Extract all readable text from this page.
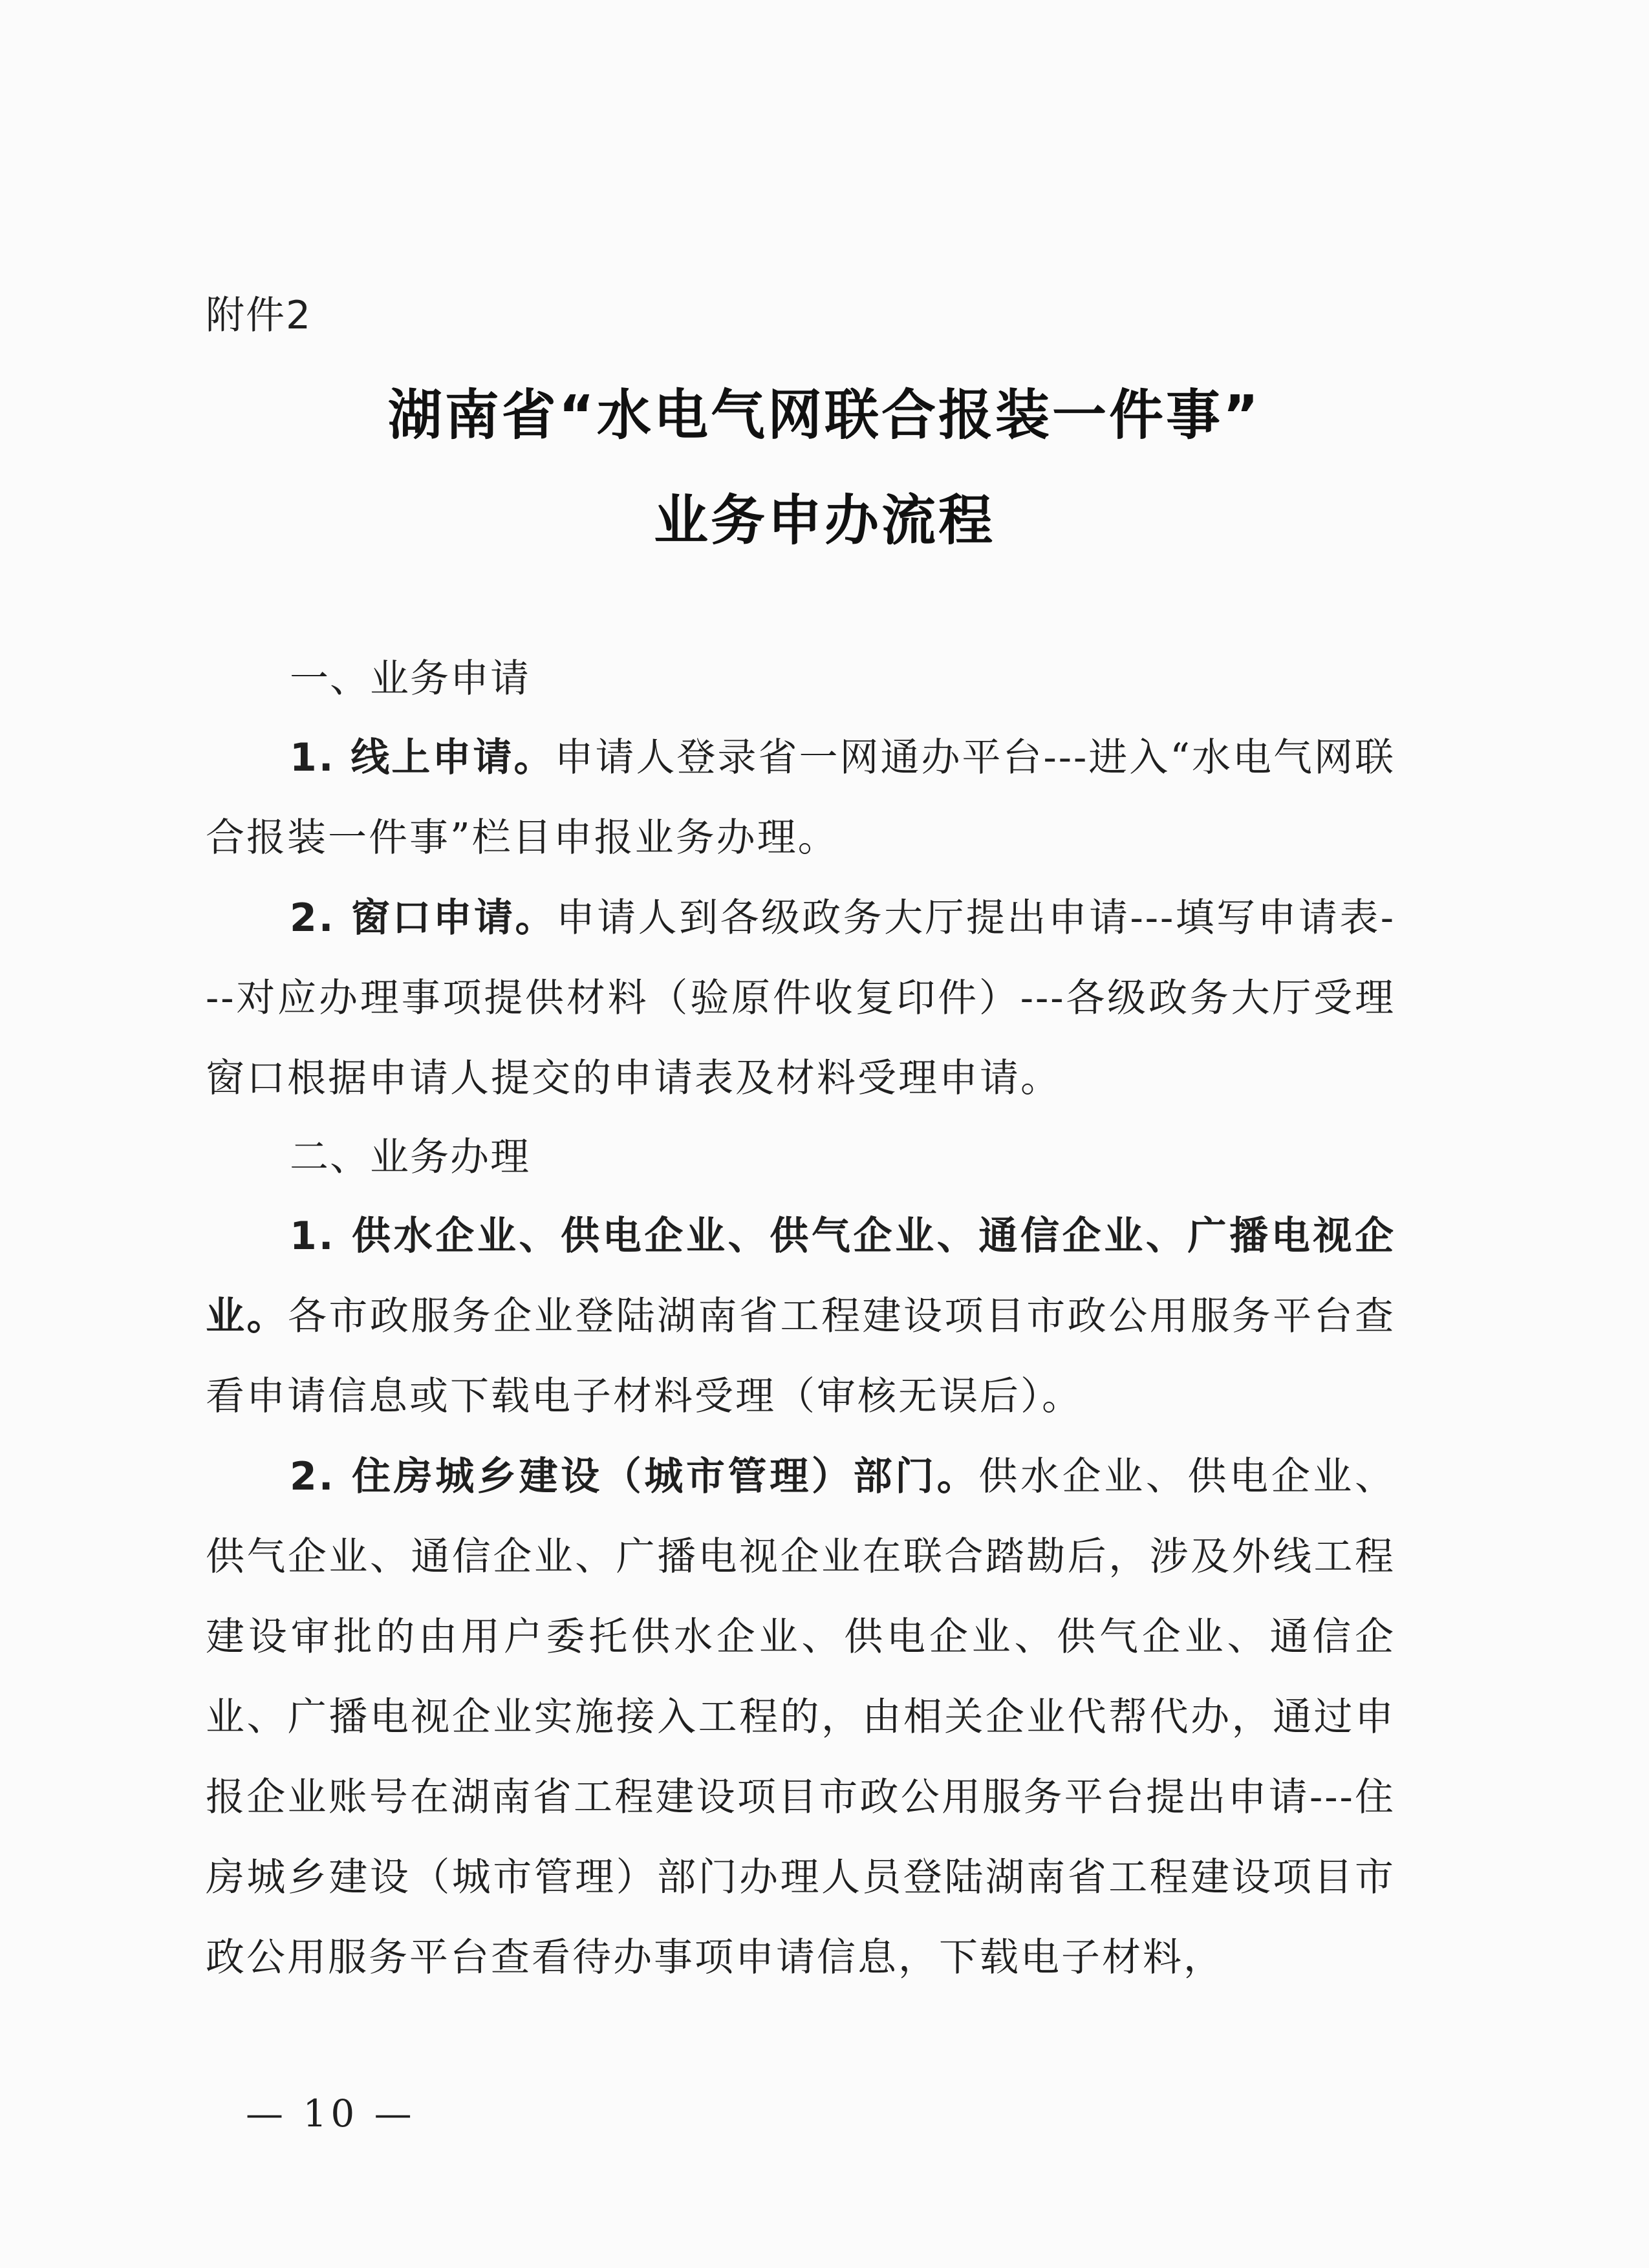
附件2
湖南省“水电气网联合报装一件事”
业务申办流程

一、业务申请

1. 线上申请。申请人登录省一网通办平台---进入“水电气网联合报装一件事”栏目申报业务办理。

2. 窗口申请。申请人到各级政务大厅提出申请---填写申请表---对应办理事项提供材料（验原件收复印件）---各级政务大厅受理窗口根据申请人提交的申请表及材料受理申请。

二、业务办理

1. 供水企业、供电企业、供气企业、通信企业、广播电视企业。各市政服务企业登陆湖南省工程建设项目市政公用服务平台查看申请信息或下载电子材料受理（审核无误后）。

2. 住房城乡建设（城市管理）部门。供水企业、供电企业、供气企业、通信企业、广播电视企业在联合踏勘后，涉及外线工程建设审批的由用户委托供水企业、供电企业、供气企业、通信企业、广播电视企业实施接入工程的，由相关企业代帮代办，通过申报企业账号在湖南省工程建设项目市政公用服务平台提出申请---住房城乡建设（城市管理）部门办理人员登陆湖南省工程建设项目市政公用服务平台查看待办事项申请信息，下载电子材料，

— 10 —
